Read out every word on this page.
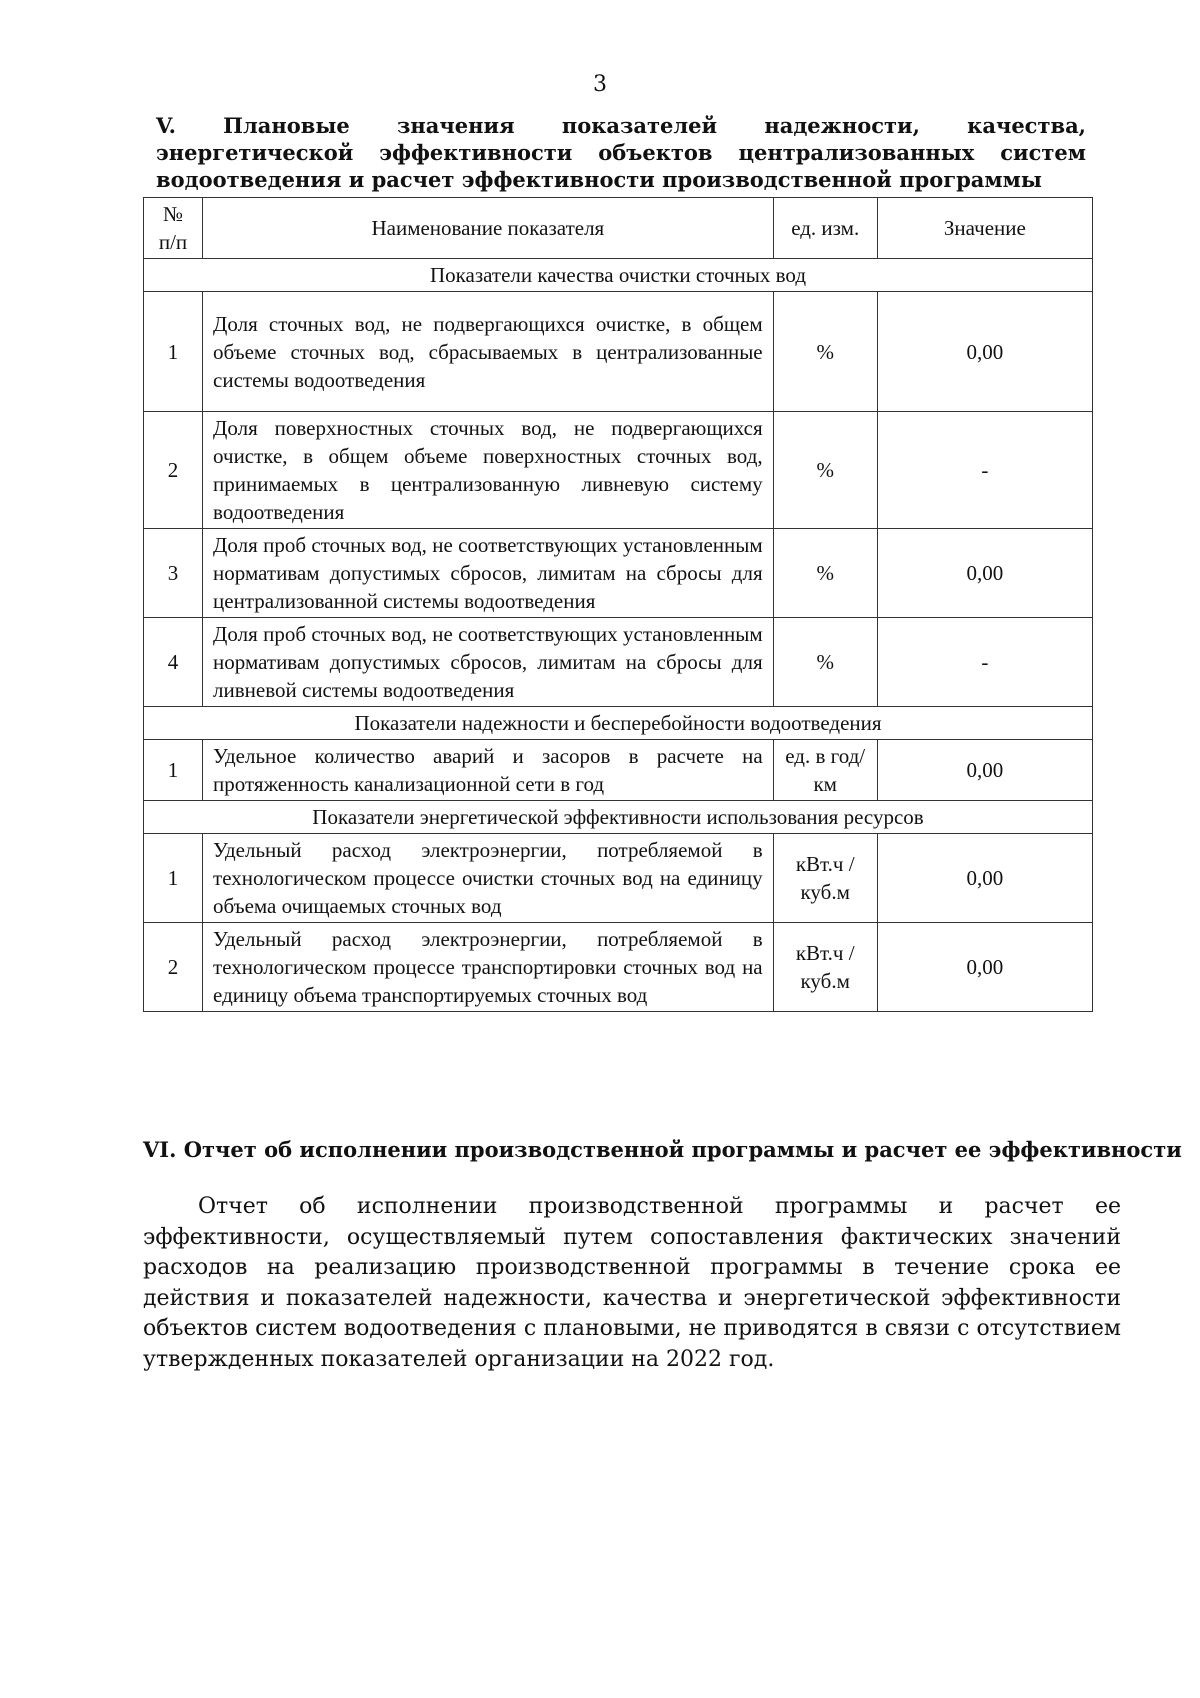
3
V. Плановые значения показателей надежности, качества, энергетической эффективности объектов централизованных систем водоотведения и расчет эффективности производственной программы
№ п/п	Наименование показателя	ед. изм.	Значение
Показатели качества очистки сточных вод			
1	Доля сточных вод, не подвергающихся очистке, в общем объеме сточных вод, сбрасываемых в централизованные системы водоотведения	%	0,00
2	Доля поверхностных сточных вод, не подвергающихся очистке, в общем объеме поверхностных сточных вод, принимаемых в централизованную ливневую систему водоотведения	%	-
3	Доля проб сточных вод, не соответствующих установленным нормативам допустимых сбросов, лимитам на сбросы для централизованной системы водоотведения	%	0,00
4	Доля проб сточных вод, не соответствующих установленным нормативам допустимых сбросов, лимитам на сбросы для ливневой системы водоотведения	%	-
Показатели надежности и бесперебойности водоотведения			
1	Удельное количество аварий и засоров в расчете на протяженность канализационной сети в год	ед. в год/ км	0,00
Показатели энергетической эффективности использования ресурсов			
1	Удельный расход электроэнергии, потребляемой в технологическом процессе очистки сточных вод на единицу объема очищаемых сточных вод	кВт.ч / куб.м	0,00
2	Удельный расход электроэнергии, потребляемой в технологическом процессе транспортировки сточных вод на единицу объема транспортируемых сточных вод	кВт.ч / куб.м	0,00
VI. Отчет об исполнении производственной программы и расчет ее эффективности
Отчет об исполнении производственной программы и расчет ее эффективности, осуществляемый путем сопоставления фактических значений расходов на реализацию производственной программы в течение срока ее действия и показателей надежности, качества и энергетической эффективности объектов систем водоотведения с плановыми, не приводятся в связи с отсутствием утвержденных показателей организации на 2022 год.
